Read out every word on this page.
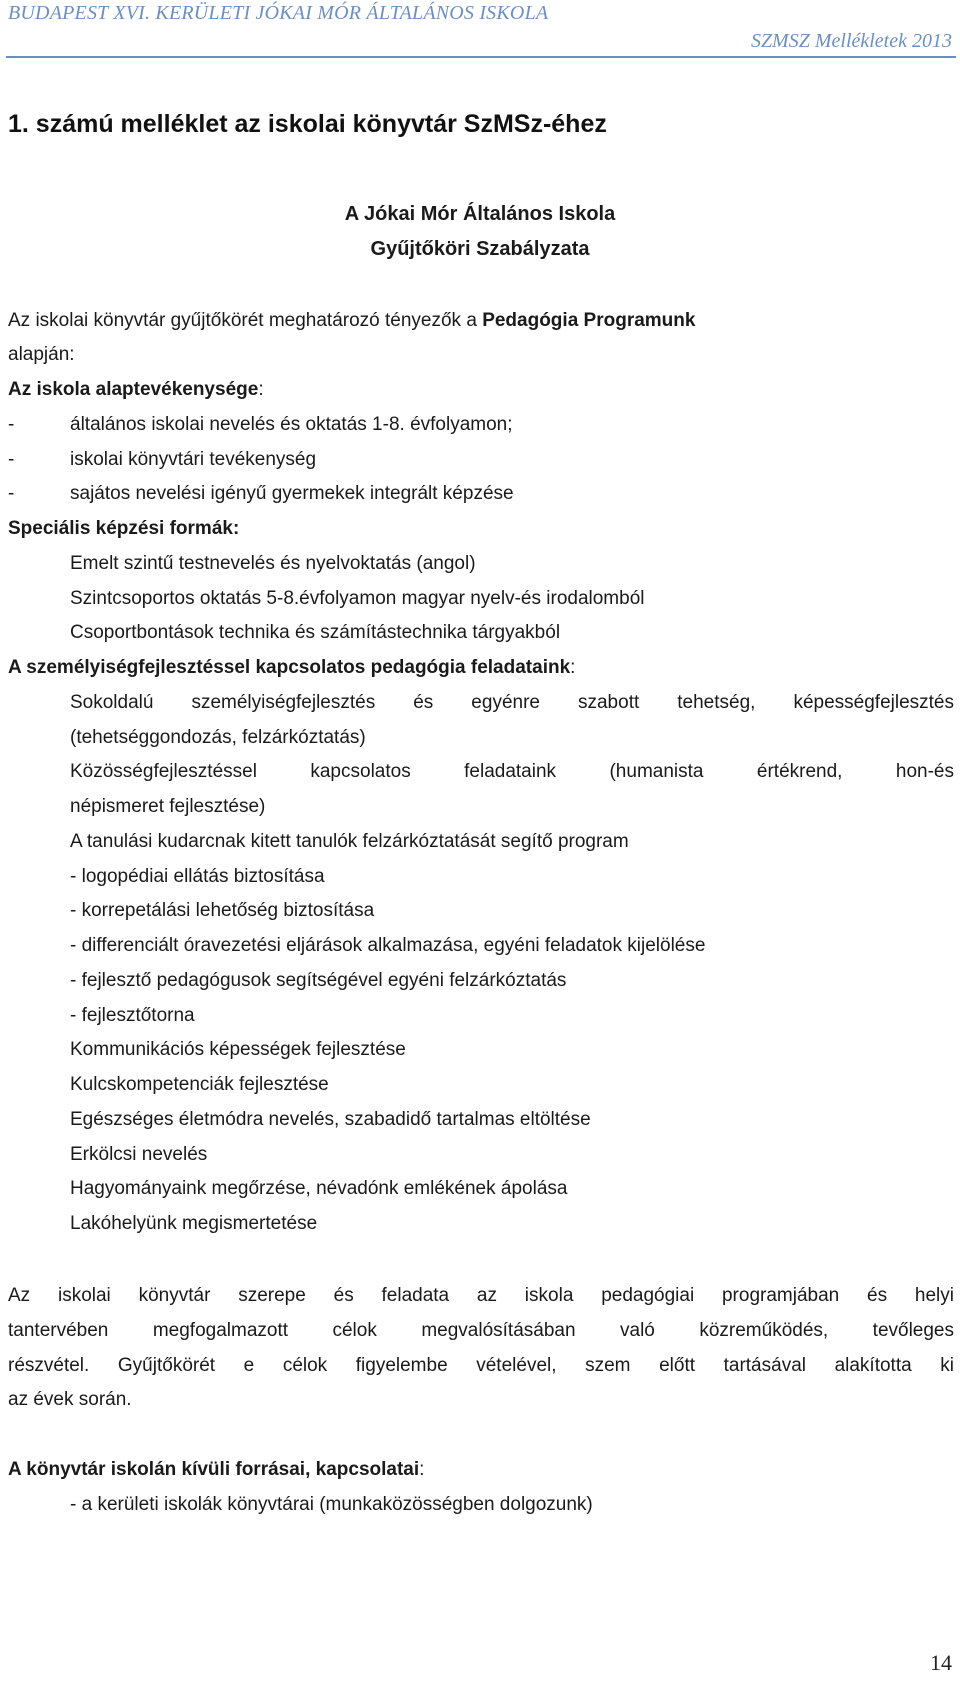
BUDAPEST XVI. KERÜLETI JÓKAI MÓR ÁLTALÁNOS ISKOLA
SZMSZ Mellékletek 2013
1. számú melléklet az iskolai könyvtár SzMSz-éhez
A Jókai Mór Általános Iskola
Gyűjtőköri Szabályzata
Az iskolai könyvtár gyűjtőkörét meghatározó tényezők a Pedagógia Programunk
alapján:
Az iskola alaptevékenysége:
-	általános iskolai nevelés és oktatás 1-8. évfolyamon;
-	iskolai könyvtári tevékenység
-	sajátos nevelési igényű gyermekek integrált képzése
Speciális képzési formák:
Emelt szintű testnevelés és nyelvoktatás (angol)
Szintcsoportos oktatás 5-8.évfolyamon magyar nyelv-és irodalomból
Csoportbontások technika és számítástechnika tárgyakból
A személyiségfejlesztéssel kapcsolatos pedagógia feladataink:
Sokoldalú személyiségfejlesztés és egyénre szabott tehetség, képességfejlesztés
(tehetséggondozás, felzárkóztatás)
Közösségfejlesztéssel kapcsolatos feladataink (humanista értékrend, hon-és
népismeret fejlesztése)
A tanulási kudarcnak kitett tanulók felzárkóztatását segítő program
- logopédiai ellátás biztosítása
- korrepetálási lehetőség biztosítása
- differenciált óravezetési eljárások alkalmazása, egyéni feladatok kijelölése
- fejlesztő pedagógusok segítségével egyéni felzárkóztatás
- fejlesztőtorna
Kommunikációs képességek fejlesztése
Kulcskompetenciák fejlesztése
Egészséges életmódra nevelés, szabadidő tartalmas eltöltése
Erkölcsi nevelés
Hagyományaink megőrzése, névadónk emlékének ápolása
Lakóhelyünk megismertetése
Az iskolai könyvtár szerepe és feladata az iskola pedagógiai programjában és helyi
tantervében megfogalmazott célok megvalósításában való közreműködés, tevőleges
részvétel. Gyűjtőkörét e célok figyelembe vételével, szem előtt tartásával alakította ki
az évek során.
A könyvtár iskolán kívüli forrásai, kapcsolatai:
- a kerületi iskolák könyvtárai (munkaközösségben dolgozunk)
14
